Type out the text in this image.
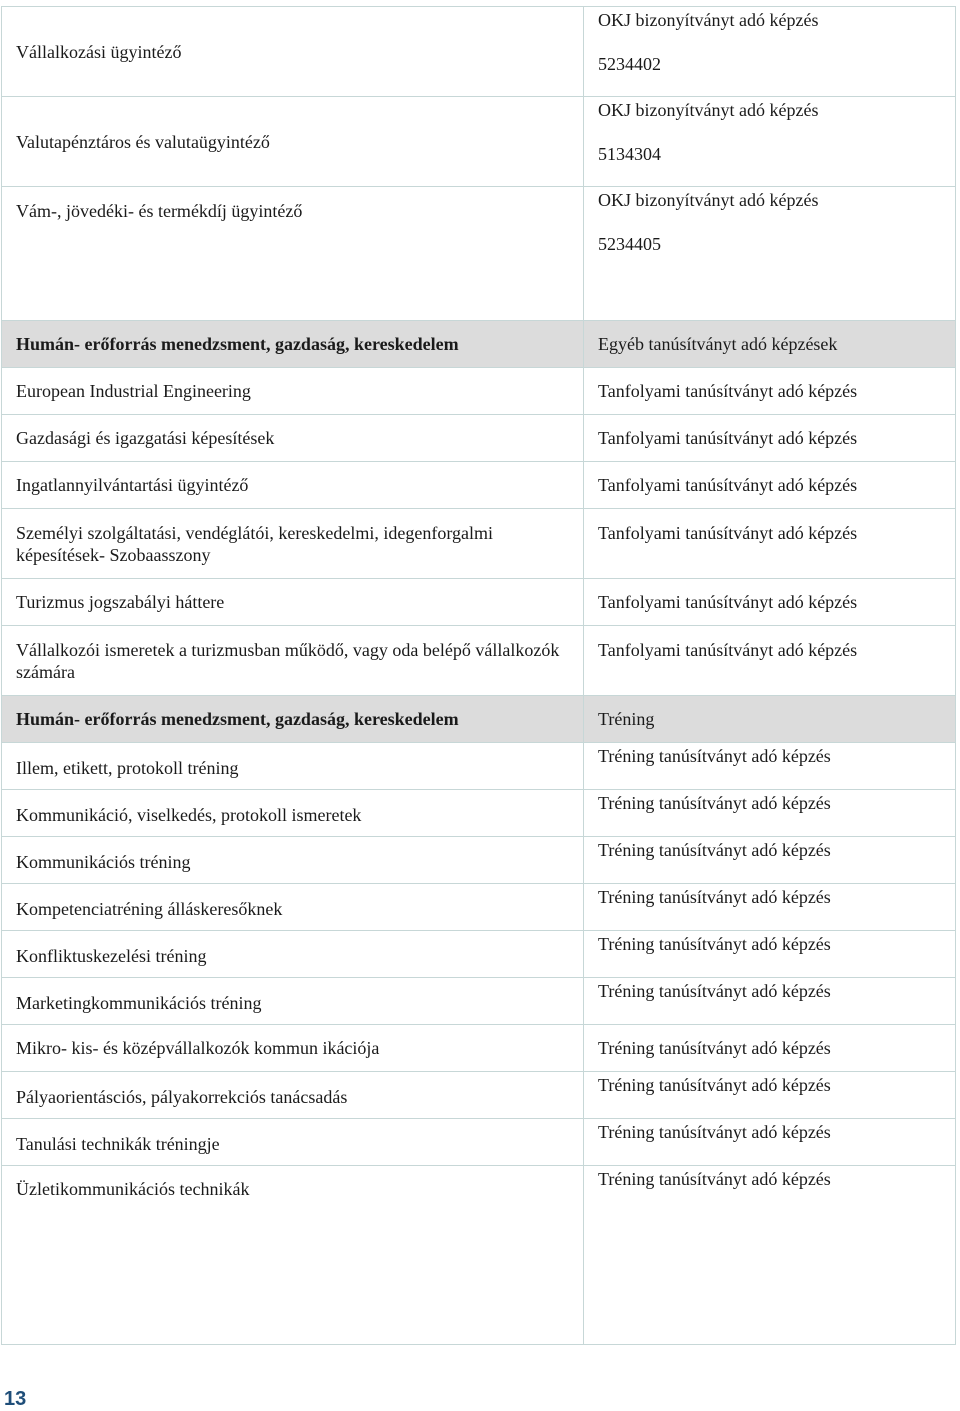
Vállalkozási ügyintéző	OKJ bizonyítványt adó képzés
5234402

Valutapénztáros és valutaügyintéző	OKJ bizonyítványt adó képzés
5134304

Vám-, jövedéki- és termékdíj ügyintéző	OKJ bizonyítványt adó képzés
5234405

Humán- erőforrás menedzsment, gazdaság, kereskedelem	Egyéb tanúsítványt adó képzések
European Industrial Engineering	Tanfolyami tanúsítványt adó képzés
Gazdasági és igazgatási képesítések	Tanfolyami tanúsítványt adó képzés
Ingatlannyilvántartási ügyintéző	Tanfolyami tanúsítványt adó képzés
Személyi szolgáltatási, vendéglátói, kereskedelmi, idegenforgalmi képesítések- Szobaasszony	Tanfolyami tanúsítványt adó képzés
Turizmus jogszabályi háttere	Tanfolyami tanúsítványt adó képzés
Vállalkozói ismeretek a turizmusban működő, vagy oda belépő vállalkozók számára	Tanfolyami tanúsítványt adó képzés
Humán- erőforrás menedzsment, gazdaság, kereskedelem	Tréning
Illem, etikett, protokoll tréning	Tréning tanúsítványt adó képzés
Kommunikáció, viselkedés, protokoll ismeretek	Tréning tanúsítványt adó képzés
Kommunikációs tréning	Tréning tanúsítványt adó képzés
Kompetenciatréning álláskeresőknek	Tréning tanúsítványt adó képzés
Konfliktuskezelési tréning	Tréning tanúsítványt adó képzés
Marketingkommunikációs tréning	Tréning tanúsítványt adó képzés
Mikro- kis- és középvállalkozók kommun ikációja	Tréning tanúsítványt adó képzés
Pályaorientásciós, pályakorrekciós tanácsadás	Tréning tanúsítványt adó képzés
Tanulási technikák tréningje	Tréning tanúsítványt adó képzés
Üzletikommunikációs technikák	Tréning tanúsítványt adó képzés
13
